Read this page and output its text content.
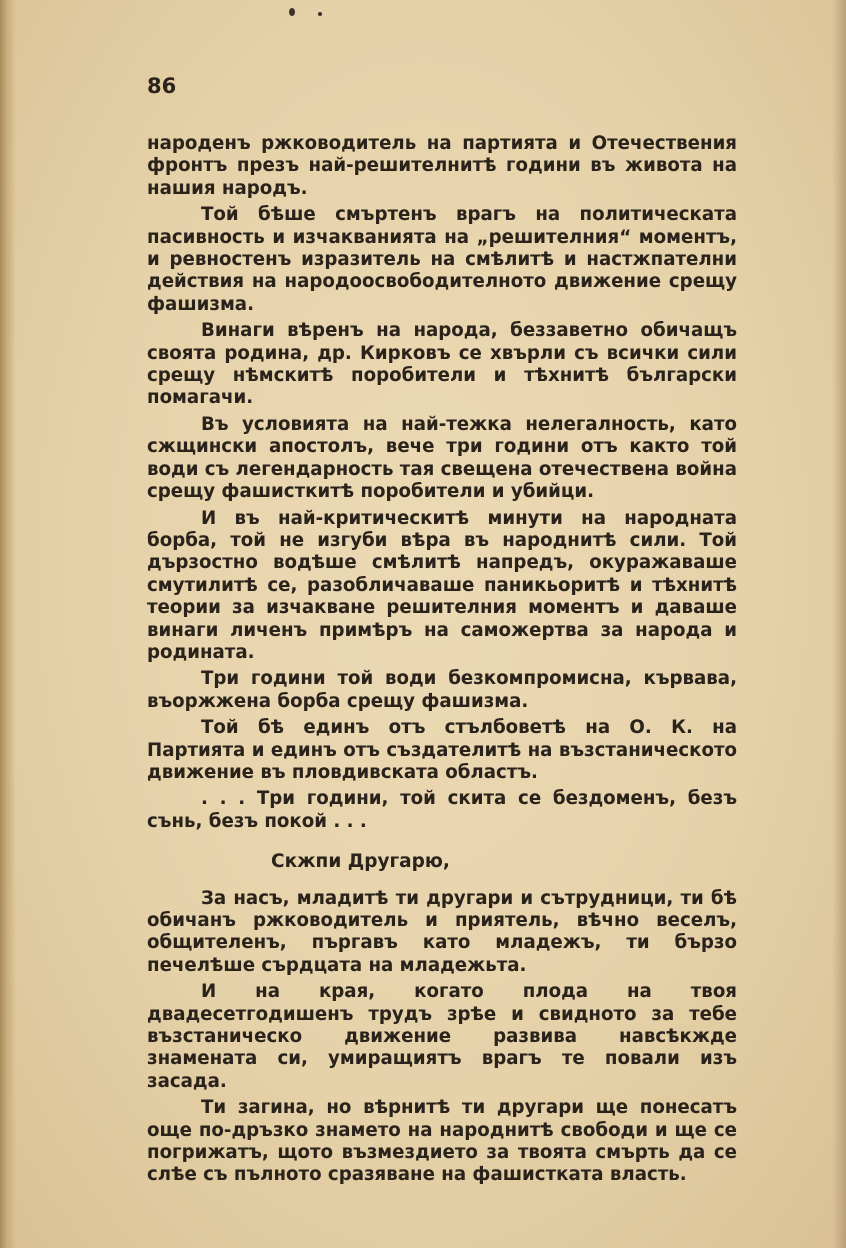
86

народенъ ржководитель на партията и Отечествения фронтъ презъ най-решителнитѣ години въ живота на нашия народъ.

Той бѣше смъртенъ врагъ на политическата пасивность и изчакванията на „решителния“ моментъ, и ревностенъ изразитель на смѣлитѣ и настжпателни действия на народоосвободителното движение срещу фашизма.

Винаги вѣренъ на народа, беззаветно обичащъ своята родина, др. Кирковъ се хвърли съ всички сили срещу нѣмскитѣ поробители и тѣхнитѣ български помагачи.

Въ условията на най-тежка нелегалность, като сжщински апостолъ, вече три години отъ както той води съ легендарность тая свещена отечествена война срещу фашисткитѣ поробители и убийци.

И въ най-критическитѣ минути на народната борба, той не изгуби вѣра въ народнитѣ сили. Той дързостно водѣше смѣлитѣ напредъ, окуражаваше смутилитѣ се, разобличаваше паникьоритѣ и тѣхнитѣ теории за изчакване решителния моментъ и даваше винаги личенъ примѣръ на саможертва за народа и родината.

Три години той води безкомпромисна, кървава, въоржжена борба срещу фашизма.

Той бѣ единъ отъ стълбоветѣ на О. К. на Партията и единъ отъ създателитѣ на възстаническото движение въ пловдивската областъ.

. . . Три години, той скита се бездоменъ, безъ сънь, безъ покой . . .

Скжпи Другарю,

За насъ, младитѣ ти другари и сътрудници, ти бѣ обичанъ ржководитель и приятель, вѣчно веселъ, общителенъ, пъргавъ като младежъ, ти бързо печелѣше сърдцата на младежьта.

И на края, когато плода на твоя двадесетгодишенъ трудъ зрѣе и свидното за тебе възстаническо движение развива навсѣкжде знамената си, умиращиятъ врагъ те повали изъ засада.

Ти загина, но вѣрнитѣ ти другари ще понесатъ още по-дръзко знамето на народнитѣ свободи и ще се погрижатъ, щото възмездието за твоята смърть да се слѣе съ пълното сразяване на фашистката власть.
